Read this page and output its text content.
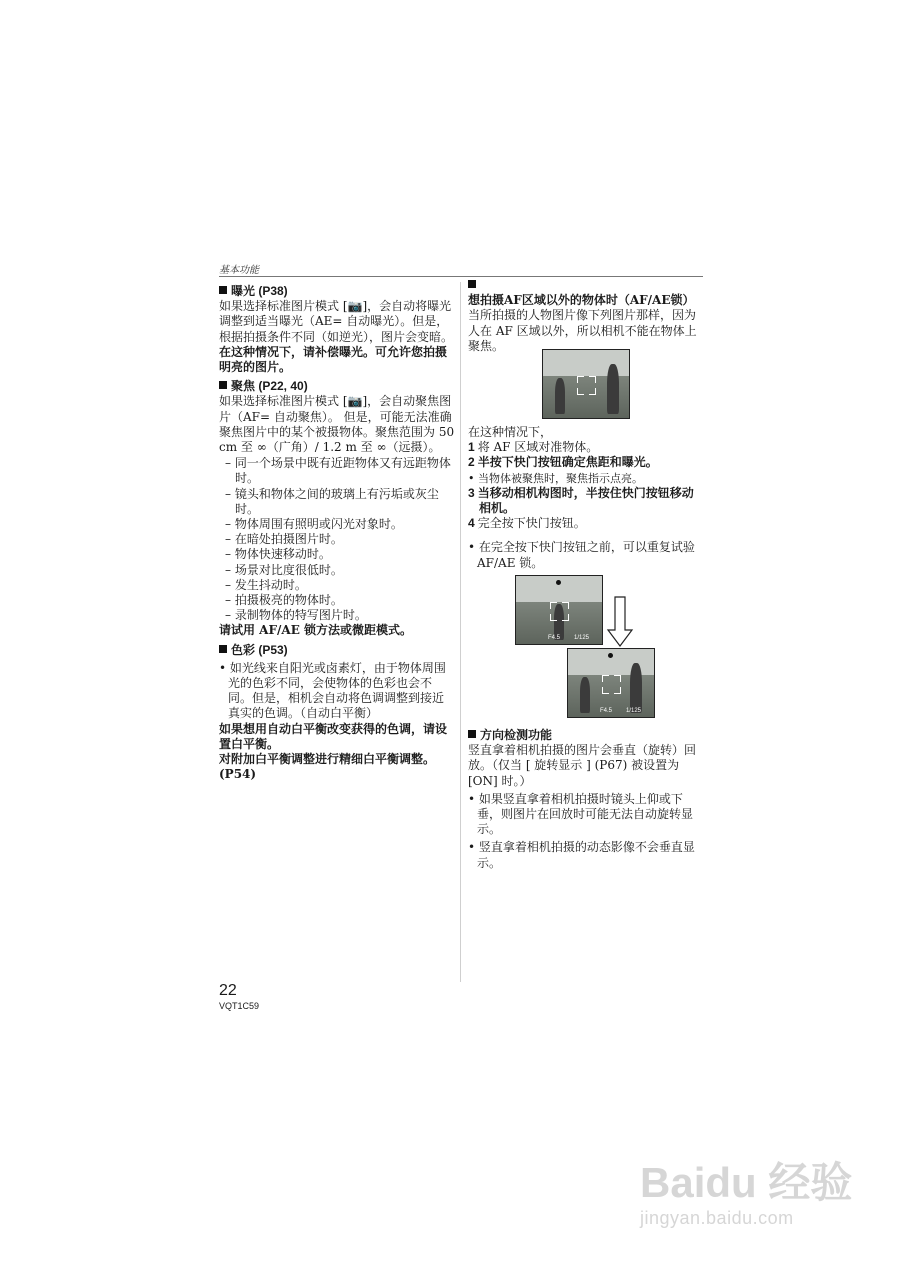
基本功能
曝光 (P38)

如果选择标准图片模式 [📷]，会自动将曝光调整到适当曝光（AE= 自动曝光）。但是，根据拍摄条件不同（如逆光），图片会变暗。

在这种情况下，请补偿曝光。可允许您拍摄明亮的图片。

聚焦 (P22, 40)

如果选择标准图片模式 [📷]，会自动聚焦图片（AF= 自动聚焦）。 但是，可能无法准确聚焦图片中的某个被摄物体。聚焦范围为 50 cm 至 ∞（广角）/ 1.2 m 至 ∞（远摄）。

– 同一个场景中既有近距物体又有远距物体时。
– 镜头和物体之间的玻璃上有污垢或灰尘时。
– 物体周围有照明或闪光对象时。
– 在暗处拍摄图片时。
– 物体快速移动时。
– 场景对比度很低时。
– 发生抖动时。
– 拍摄极亮的物体时。
– 录制物体的特写图片时。

请试用 AF/AE 锁方法或微距模式。

色彩 (P53)
• 如光线来自阳光或卤素灯，由于物体周围光的色彩不同，会使物体的色彩也会不同。但是，相机会自动将色调调整到接近真实的色调。（自动白平衡）

如果想用自动白平衡改变获得的色调，请设置白平衡。

对附加白平衡调整进行精细白平衡调整。(P54)

想拍摄AF区域以外的物体时（AF/AE锁）

当所拍摄的人物图片像下列图片那样，因为人在 AF 区域以外，所以相机不能在物体上聚焦。

在这种情况下，

1 将 AF 区域对准物体。
2 半按下快门按钮确定焦距和曝光。
• 当物体被聚焦时，聚焦指示点亮。
3 当移动相机构图时，半按住快门按钮移动相机。
4 完全按下快门按钮。
• 在完全按下快门按钮之前，可以重复试验 AF/AE 锁。
F4.5 1/125
F4.5 1/125
方向检测功能

竖直拿着相机拍摄的图片会垂直（旋转）回放。（仅当 [ 旋转显示 ] (P67) 被设置为 [ON] 时。）

• 如果竖直拿着相机拍摄时镜头上仰或下垂，则图片在回放时可能无法自动旋转显示。
• 竖直拿着相机拍摄的动态影像不会垂直显示。
22
VQT1C59
Baidu 经验
jingyan.baidu.com
